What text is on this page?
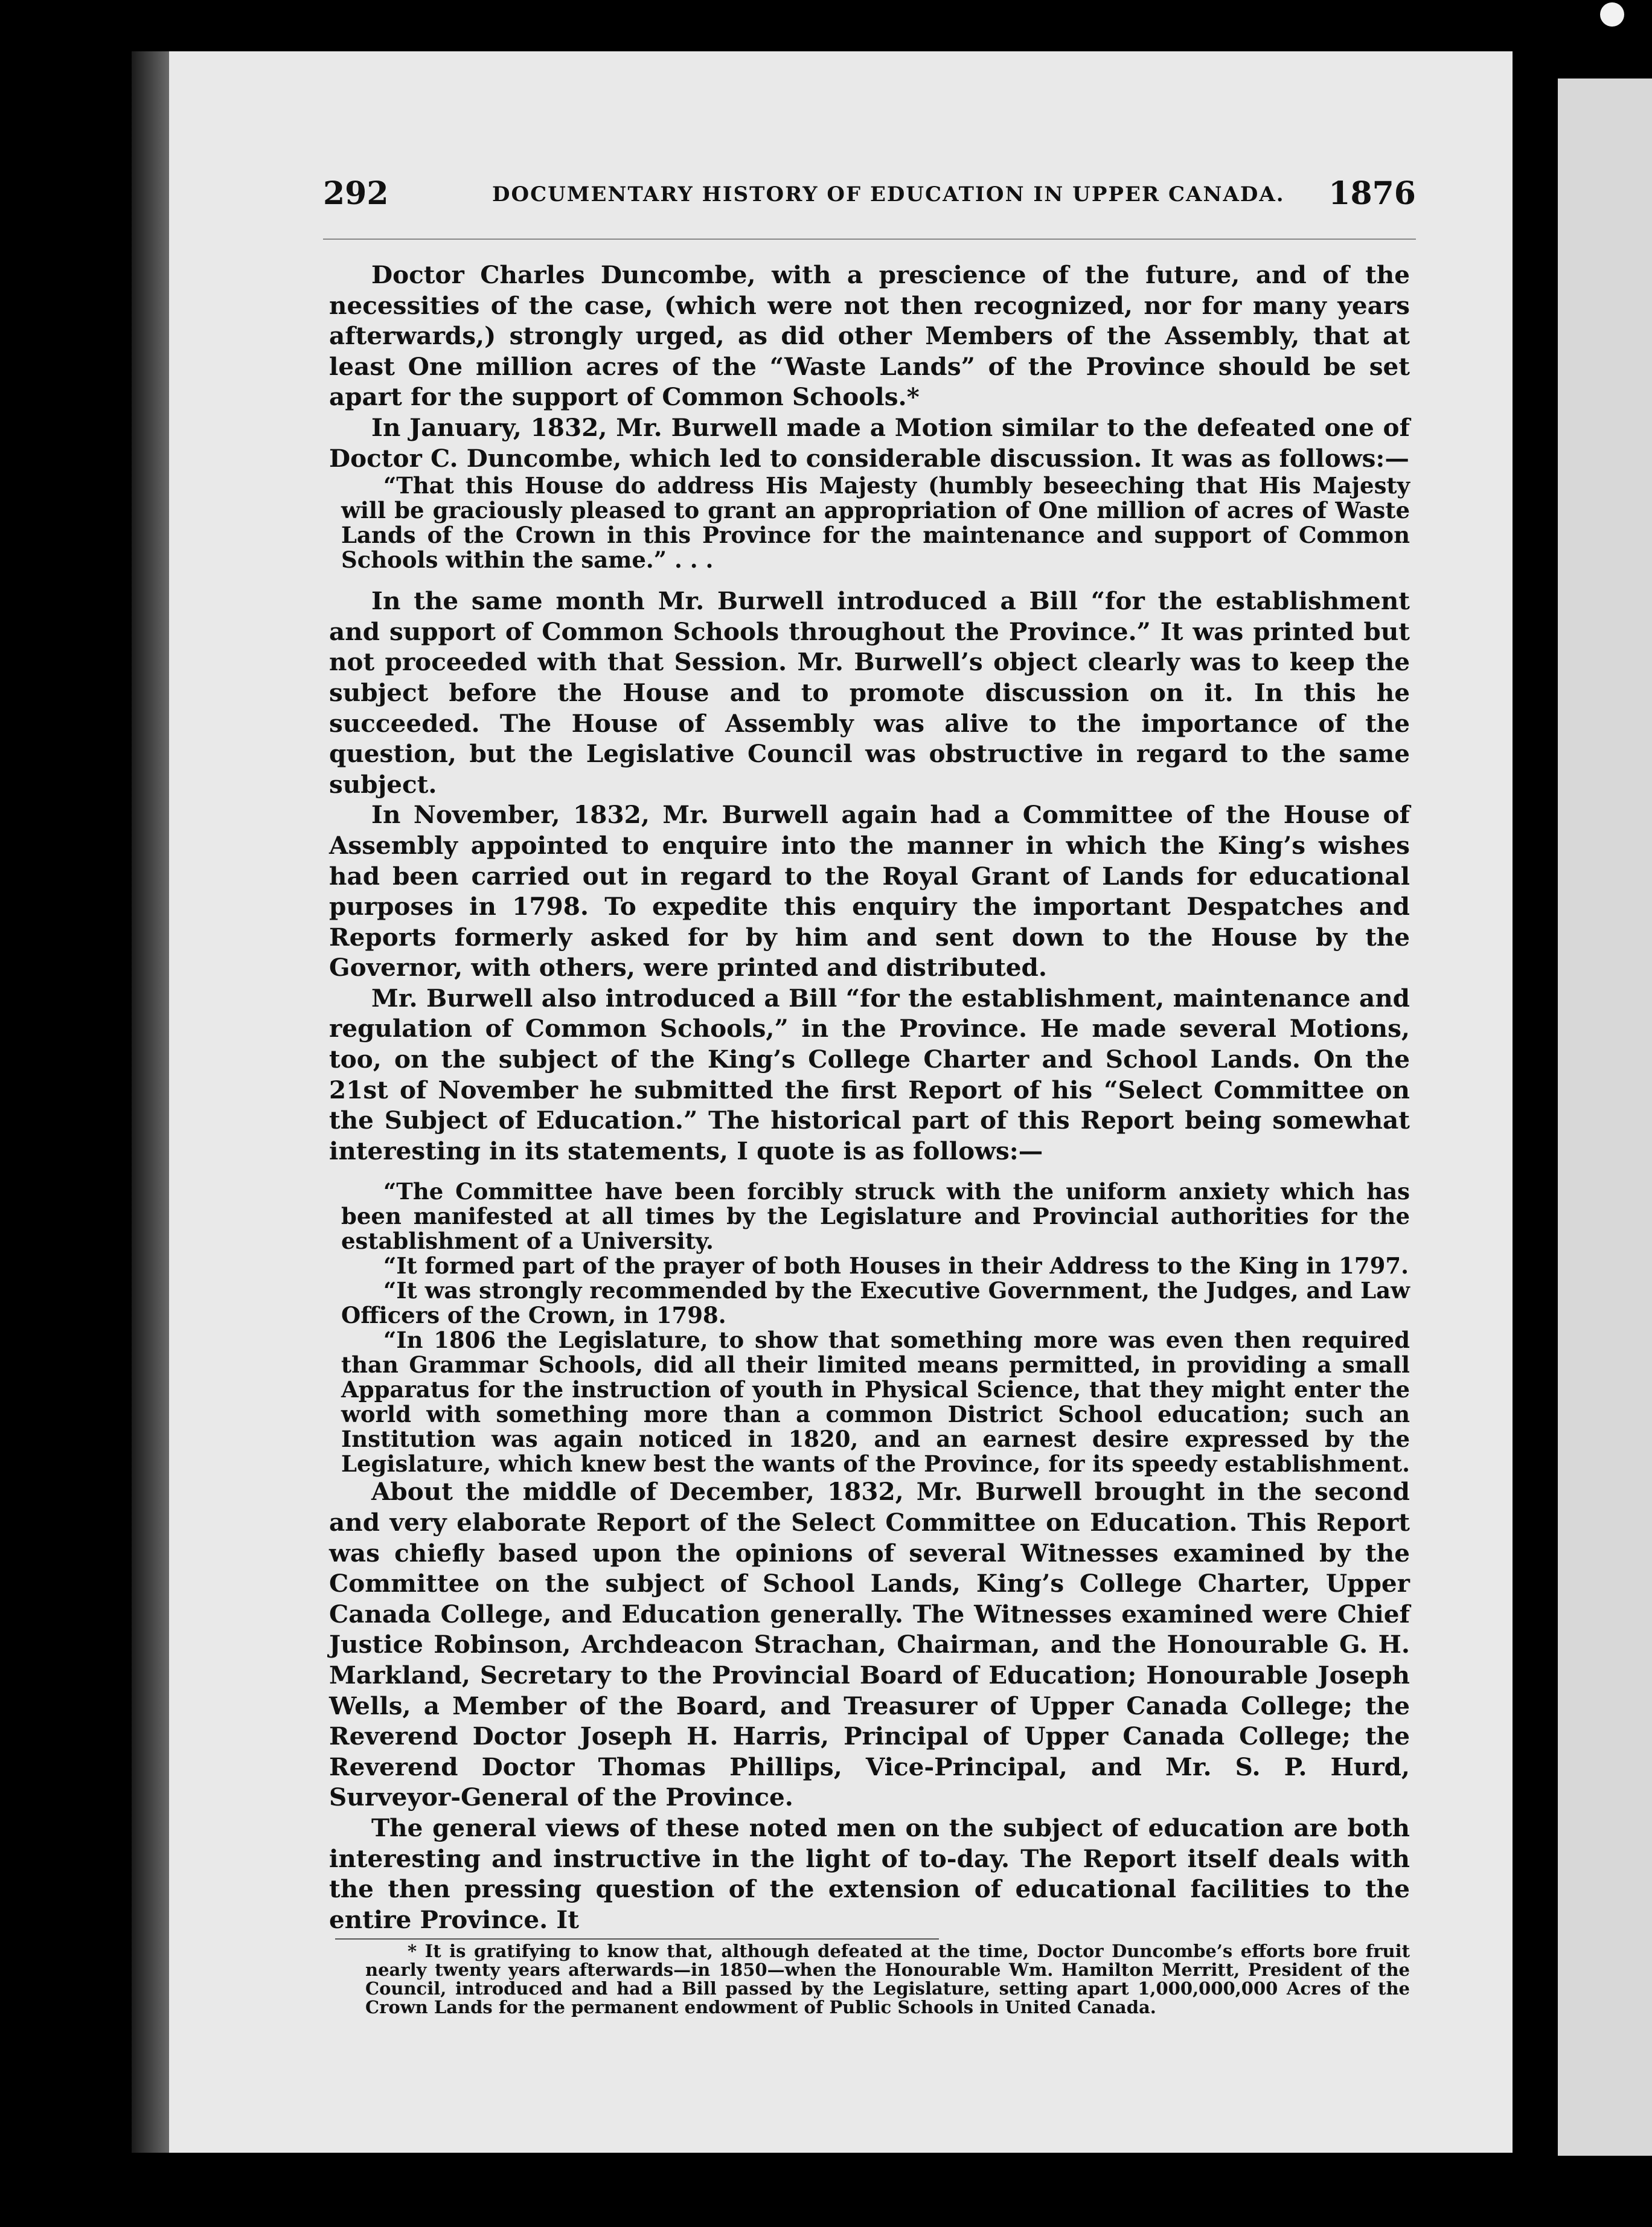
292	DOCUMENTARY HISTORY OF EDUCATION IN UPPER CANADA. 1876

Doctor Charles Duncombe, with a prescience of the future, and of the necessities of the case, (which were not then recognized, nor for many years afterwards,) strongly urged, as did other Members of the Assembly, that at least One million acres of the “Waste Lands” of the Province should be set apart for the support of Common Schools.*

In January, 1832, Mr. Burwell made a Motion similar to the defeated one of Doctor C. Duncombe, which led to considerable discussion. It was as follows:—

“That this House do address His Majesty (humbly beseeching that His Majesty will be graciously pleased to grant an appropriation of One million of acres of Waste Lands of the Crown in this Province for the maintenance and support of Common Schools within the same.” . . .

In the same month Mr. Burwell introduced a Bill “for the establishment and support of Common Schools throughout the Province.” It was printed but not proceeded with that Session. Mr. Burwell’s object clearly was to keep the subject before the House and to promote discussion on it. In this he succeeded. The House of Assembly was alive to the importance of the question, but the Legislative Council was obstructive in regard to the same subject.

In November, 1832, Mr. Burwell again had a Committee of the House of Assembly appointed to enquire into the manner in which the King’s wishes had been carried out in regard to the Royal Grant of Lands for educational purposes in 1798. To expedite this enquiry the important Despatches and Reports formerly asked for by him and sent down to the House by the Governor, with others, were printed and distributed.

Mr. Burwell also introduced a Bill “for the establishment, maintenance and regulation of Common Schools,” in the Province. He made several Motions, too, on the subject of the King’s College Charter and School Lands. On the 21st of November he submitted the first Report of his “Select Committee on the Subject of Education.” The historical part of this Report being somewhat interesting in its statements, I quote is as follows:—

“The Committee have been forcibly struck with the uniform anxiety which has been manifested at all times by the Legislature and Provincial authorities for the establishment of a University.

“It formed part of the prayer of both Houses in their Address to the King in 1797.

“It was strongly recommended by the Executive Government, the Judges, and Law Officers of the Crown, in 1798.

“In 1806 the Legislature, to show that something more was even then required than Grammar Schools, did all their limited means permitted, in providing a small Apparatus for the instruction of youth in Physical Science, that they might enter the world with something more than a common District School education; such an Institution was again noticed in 1820, and an earnest desire expressed by the Legislature, which knew best the wants of the Province, for its speedy establishment.

About the middle of December, 1832, Mr. Burwell brought in the second and very elaborate Report of the Select Committee on Education. This Report was chiefly based upon the opinions of several Witnesses examined by the Committee on the subject of School Lands, King’s College Charter, Upper Canada College, and Education generally. The Witnesses examined were Chief Justice Robinson, Archdeacon Strachan, Chairman, and the Honourable G. H. Markland, Secretary to the Provincial Board of Education; Honourable Joseph Wells, a Member of the Board, and Treasurer of Upper Canada College; the Reverend Doctor Joseph H. Harris, Principal of Upper Canada College; the Reverend Doctor Thomas Phillips, Vice-Principal, and Mr. S. P. Hurd, Surveyor-General of the Province.

The general views of these noted men on the subject of education are both interesting and instructive in the light of to-day. The Report itself deals with the then pressing question of the extension of educational facilities to the entire Province. It

* It is gratifying to know that, although defeated at the time, Doctor Duncombe’s efforts bore fruit nearly twenty years afterwards—in 1850—when the Honourable Wm. Hamilton Merritt, President of the Council, introduced and had a Bill passed by the Legislature, setting apart 1,000,000,000 Acres of the Crown Lands for the permanent endowment of Public Schools in United Canada.
